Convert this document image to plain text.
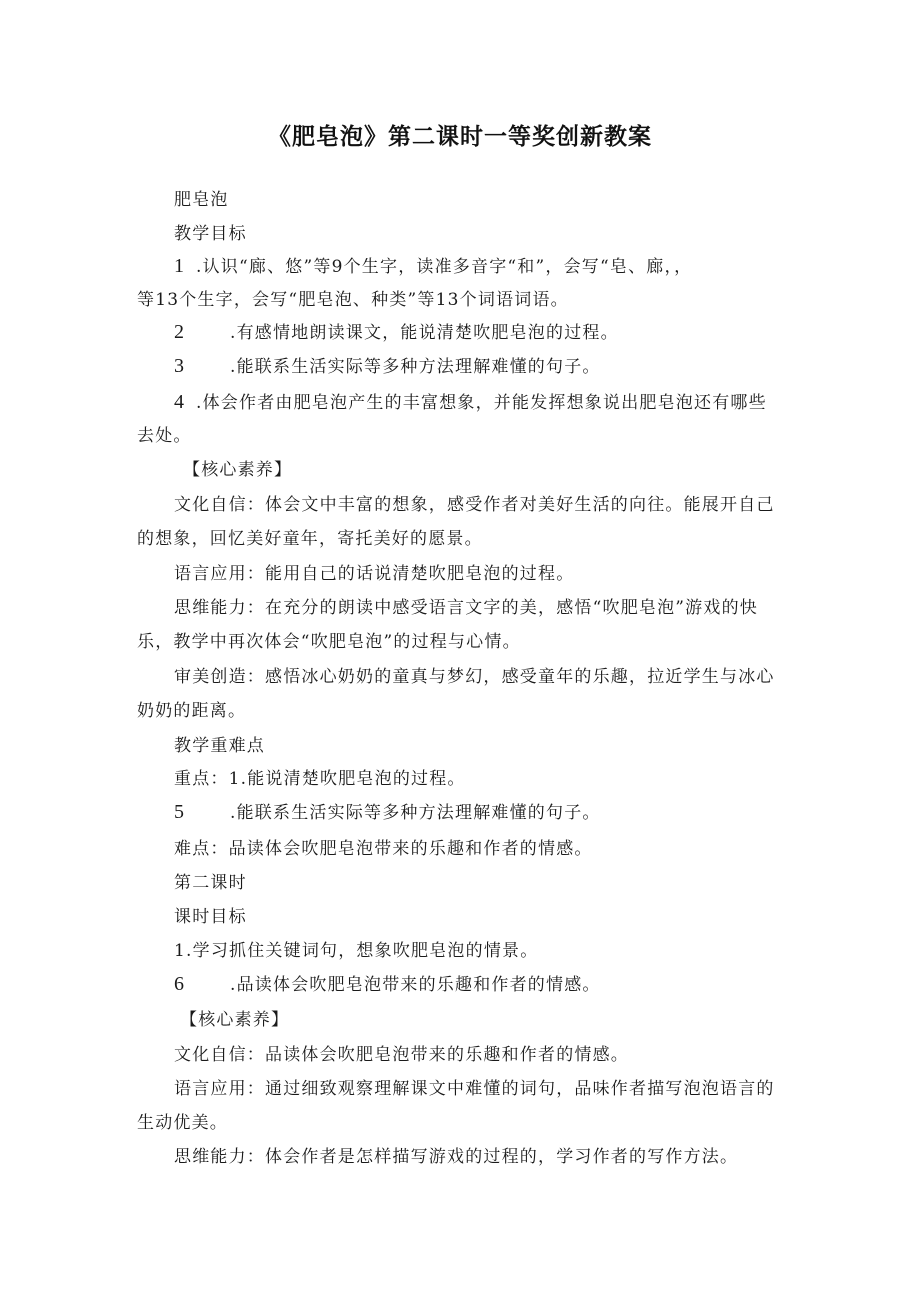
《肥皂泡》第二课时一等奖创新教案
肥皂泡
教学目标
1 .认识“廊、悠”等9个生字，读准多音字“和”，会写“皂、廊，，
等13个生字，会写“肥皂泡、种类”等13个词语词语。
2	.有感情地朗读课文，能说清楚吹肥皂泡的过程。
3	.能联系生活实际等多种方法理解难懂的句子。
4 .体会作者由肥皂泡产生的丰富想象，并能发挥想象说出肥皂泡还有哪些
去处。
【核心素养】
文化自信：体会文中丰富的想象，感受作者对美好生活的向往。能展开自己
的想象，回忆美好童年，寄托美好的愿景。
语言应用：能用自己的话说清楚吹肥皂泡的过程。
思维能力：在充分的朗读中感受语言文字的美，感悟“吹肥皂泡”游戏的快
乐，教学中再次体会“吹肥皂泡”的过程与心情。
审美创造：感悟冰心奶奶的童真与梦幻，感受童年的乐趣，拉近学生与冰心
奶奶的距离。
教学重难点
重点：1.能说清楚吹肥皂泡的过程。
5	.能联系生活实际等多种方法理解难懂的句子。
难点：品读体会吹肥皂泡带来的乐趣和作者的情感。
第二课时
课时目标
1.学习抓住关键词句，想象吹肥皂泡的情景。
6	.品读体会吹肥皂泡带来的乐趣和作者的情感。
【核心素养】
文化自信：品读体会吹肥皂泡带来的乐趣和作者的情感。
语言应用：通过细致观察理解课文中难懂的词句，品味作者描写泡泡语言的
生动优美。
思维能力：体会作者是怎样描写游戏的过程的，学习作者的写作方法。
